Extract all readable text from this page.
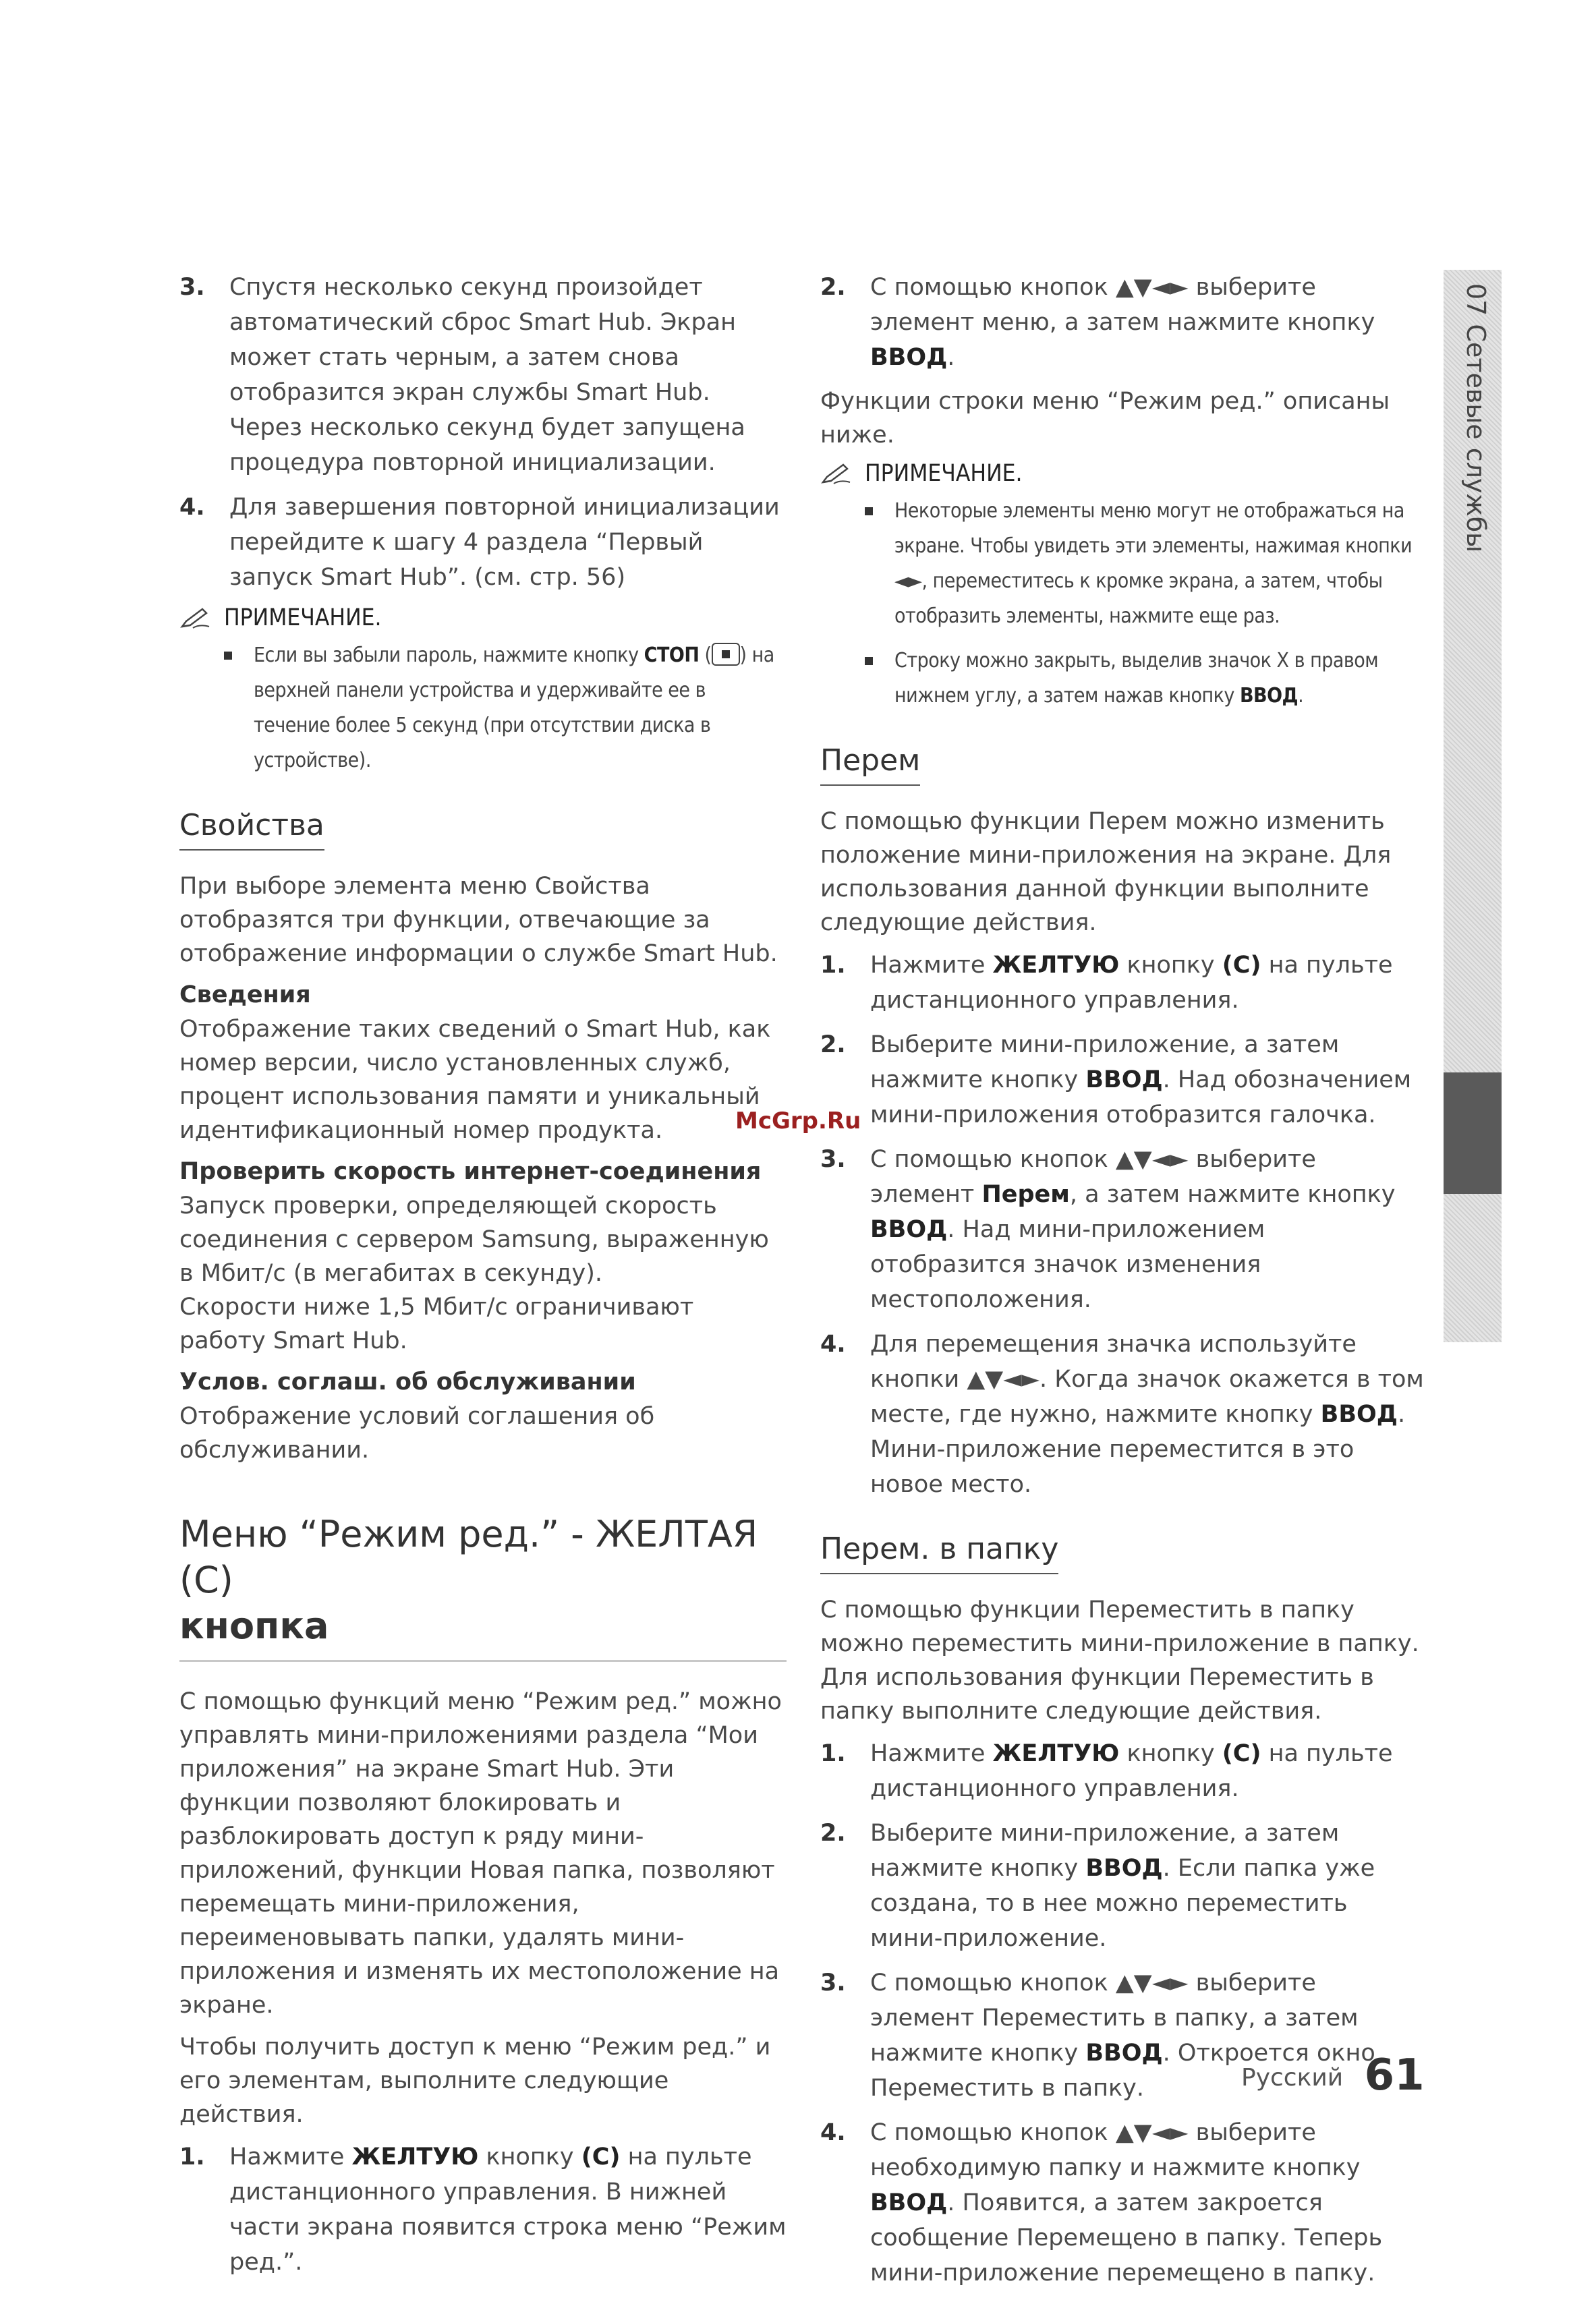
07 Сетевые службы
3. Спустя несколько секунд произойдет автоматический сброс Smart Hub. Экран может стать черным, а затем снова отобразится экран службы Smart Hub. Через несколько секунд будет запущена процедура повторной инициализации.
4. Для завершения повторной инициализации перейдите к шагу 4 раздела “Первый запуск Smart Hub”. (см. стр. 56)
ПРИМЕЧАНИЕ.
Если вы забыли пароль, нажмите кнопку СТОП ( ) на верхней панели устройства и удерживайте ее в течение более 5 секунд (при отсутствии диска в устройстве).
Свойства

При выборе элемента меню Свойства отобразятся три функции, отвечающие за отображение информации о службе Smart Hub.

Сведения

Отображение таких сведений о Smart Hub, как номер версии, число установленных служб, процент использования памяти и уникальный идентификационный номер продукта.

Проверить скорость интернет-соединения

Запуск проверки, определяющей скорость соединения с сервером Samsung, выраженную в Мбит/с (в мегабитах в секунду).

Скорости ниже 1,5 Мбит/с ограничивают работу Smart Hub.

Услов. соглаш. об обслуживании

Отображение условий соглашения об обслуживании.

Меню “Режим ред.” - ЖЕЛТАЯ (C)
кнопка

С помощью функций меню “Режим ред.” можно управлять мини-приложениями раздела “Мои приложения” на экране Smart Hub. Эти функции позволяют блокировать и разблокировать доступ к ряду мини-приложений, функции Новая папка, позволяют перемещать мини-приложения, переименовывать папки, удалять мини-приложения и изменять их местоположение на экране.

Чтобы получить доступ к меню “Режим ред.” и его элементам, выполните следующие действия.

1. Нажмите ЖЕЛТУЮ кнопку (C) на пульте дистанционного управления. В нижней части экрана появится строка меню “Режим ред.”.
2. С помощью кнопок ▲▼◄► выберите элемент меню, а затем нажмите кнопку ВВОД.

Функции строки меню “Режим ред.” описаны ниже.

ПРИМЕЧАНИЕ.
Некоторые элементы меню могут не отображаться на экране. Чтобы увидеть эти элементы, нажимая кнопки ◄►, переместитесь к кромке экрана, а затем, чтобы отобразить элементы, нажмите еще раз.
Строку можно закрыть, выделив значок X в правом нижнем углу, а затем нажав кнопку ВВОД.
Перем

С помощью функции Перем можно изменить положение мини-приложения на экране. Для использования данной функции выполните следующие действия.

1. Нажмите ЖЕЛТУЮ кнопку (C) на пульте дистанционного управления.
2. Выберите мини-приложение, а затем нажмите кнопку ВВОД. Над обозначением мини-приложения отобразится галочка.
3. С помощью кнопок ▲▼◄► выберите элемент Перем, а затем нажмите кнопку ВВОД. Над мини-приложением отобразится значок изменения местоположения.
4. Для перемещения значка используйте кнопки ▲▼◄►. Когда значок окажется в том месте, где нужно, нажмите кнопку ВВОД. Мини-приложение переместится в это новое место.
Перем. в папку

С помощью функции Переместить в папку можно переместить мини-приложение в папку. Для использования функции Переместить в папку выполните следующие действия.

1. Нажмите ЖЕЛТУЮ кнопку (C) на пульте дистанционного управления.
2. Выберите мини-приложение, а затем нажмите кнопку ВВОД. Если папка уже создана, то в нее можно переместить мини-приложение.
3. С помощью кнопок ▲▼◄► выберите элемент Переместить в папку, а затем нажмите кнопку ВВОД. Откроется окно Переместить в папку.
4. С помощью кнопок ▲▼◄► выберите необходимую папку и нажмите кнопку ВВОД. Появится, а затем закроется сообщение Перемещено в папку. Теперь мини-приложение перемещено в папку.
McGrp.Ru
Русский 61
